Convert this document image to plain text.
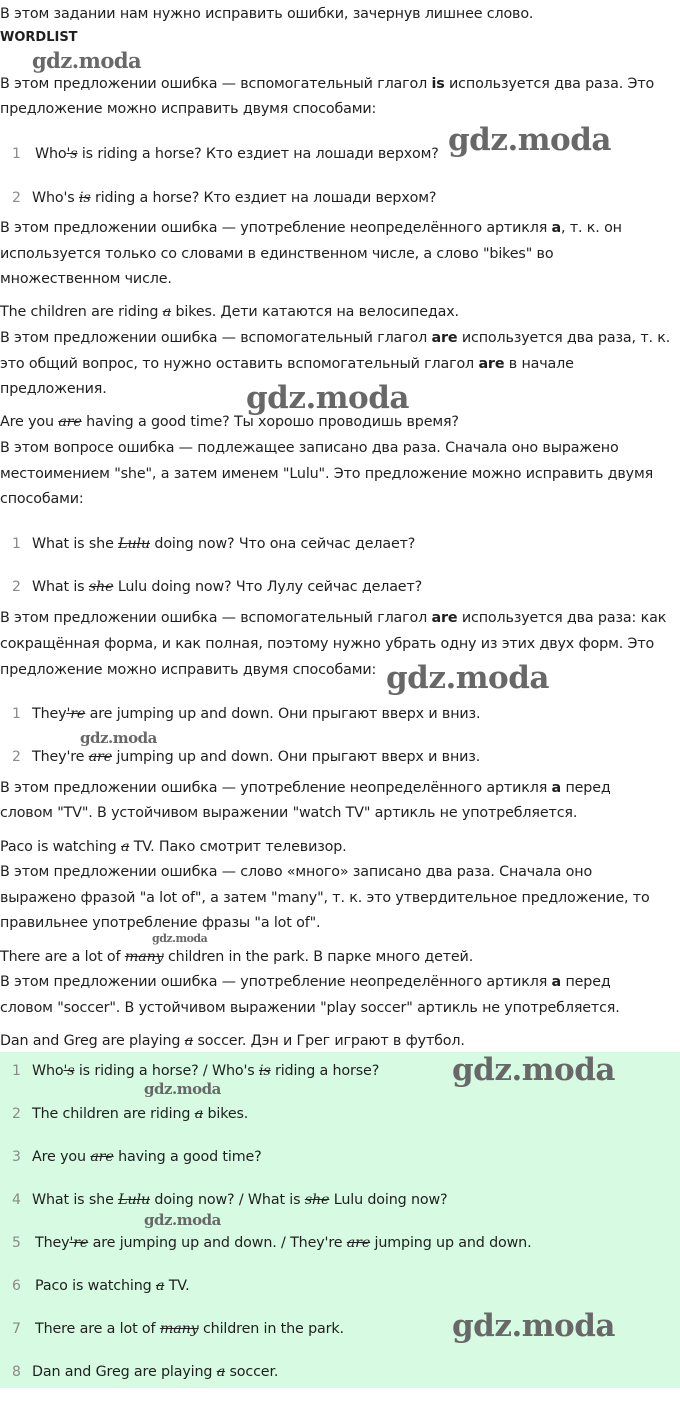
В этом задании нам нужно исправить ошибки, зачернув лишнее слово.
WORDLIST
В этом предложении ошибка — вспомогательный глагол is используется два раза. Это
предложение можно исправить двумя способами:
1 Who's is riding a horse? Кто ездиет на лошади верхом?
2 Who's is riding a horse? Кто ездиет на лошади верхом?
В этом предложении ошибка — употребление неопределённого артикля a, т. к. он
используется только со словами в единственном числе, а слово "bikes" во
множественном числе.
The children are riding a bikes. Дети катаются на велосипедах.
В этом предложении ошибка — вспомогательный глагол are используется два раза, т. к.
это общий вопрос, то нужно оставить вспомогательный глагол are в начале
предложения.
Are you are having a good time? Ты хорошо проводишь время?
В этом вопросе ошибка — подлежащее записано два раза. Сначала оно выражено
местоимением "she", а затем именем "Lulu". Это предложение можно исправить двумя
способами:
1 What is she Lulu doing now? Что она сейчас делает?
2 What is she Lulu doing now? Что Лулу сейчас делает?
В этом предложении ошибка — вспомогательный глагол are используется два раза: как
сокращённая форма, и как полная, поэтому нужно убрать одну из этих двух форм. Это
предложение можно исправить двумя способами:
1 They're are jumping up and down. Они прыгают вверх и вниз.
2 They're are jumping up and down. Они прыгают вверх и вниз.
В этом предложении ошибка — употребление неопределённого артикля a перед
словом "TV". В устойчивом выражении "watch TV" артикль не употребляется.
Paco is watching a TV. Пако смотрит телевизор.
В этом предложении ошибка — слово «много» записано два раза. Сначала оно
выражено фразой "a lot of", а затем "many", т. к. это утвердительное предложение, то
правильнее употребление фразы "a lot of".
There are a lot of many children in the park. В парке много детей.
В этом предложении ошибка — употребление неопределённого артикля a перед
словом "soccer". В устойчивом выражении "play soccer" артикль не употребляется.
Dan and Greg are playing a soccer. Дэн и Грег играют в футбол.
1 Who's is riding a horse? / Who's is riding a horse?
2 The children are riding a bikes.
3 Are you are having a good time?
4 What is she Lulu doing now? / What is she Lulu doing now?
5 They're are jumping up and down. / They're are jumping up and down.
6 Paco is watching a TV.
7 There are a lot of many children in the park.
8 Dan and Greg are playing a soccer.
gdz.moda
gdz.moda
gdz.moda
gdz.moda
gdz.moda
gdz.moda
gdz.moda
gdz.moda
gdz.moda
gdz.moda
